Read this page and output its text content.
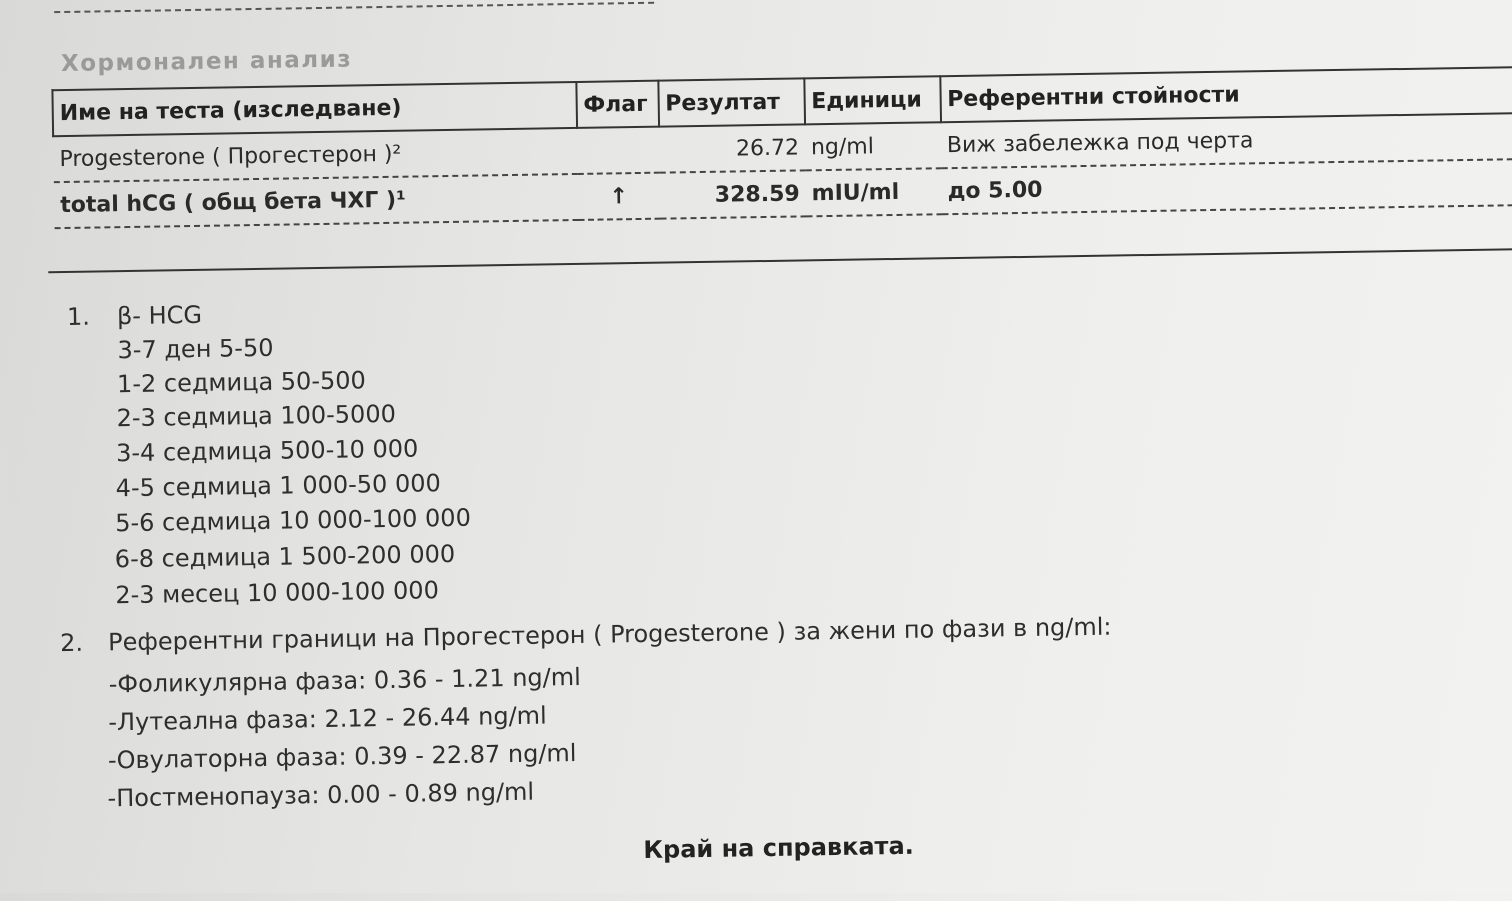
Хормонален анализ
Име на теста (изследване)	Флаг	Резултат	Единици	Референтни стойности
Progesterone ( Прогестерон )²		26.72	ng/ml	Виж забележка под черта
total hCG ( общ бета ЧХГ )¹	↑	328.59	mIU/ml	до 5.00
1. β- HCG
3-7 ден 5-50
1-2 седмица 50-500
2-3 седмица 100-5000
3-4 седмица 500-10 000
4-5 седмица 1 000-50 000
5-6 седмица 10 000-100 000
6-8 седмица 1 500-200 000
2-3 месец 10 000-100 000
2. Референтни граници на Прогестерон ( Progesterone ) за жени по фази в ng/ml:
-Фоликулярна фаза: 0.36 - 1.21 ng/ml
-Лутеална фаза: 2.12 - 26.44 ng/ml
-Овулаторна фаза: 0.39 - 22.87 ng/ml
-Постменопауза: 0.00 - 0.89 ng/ml
Край на справката.
